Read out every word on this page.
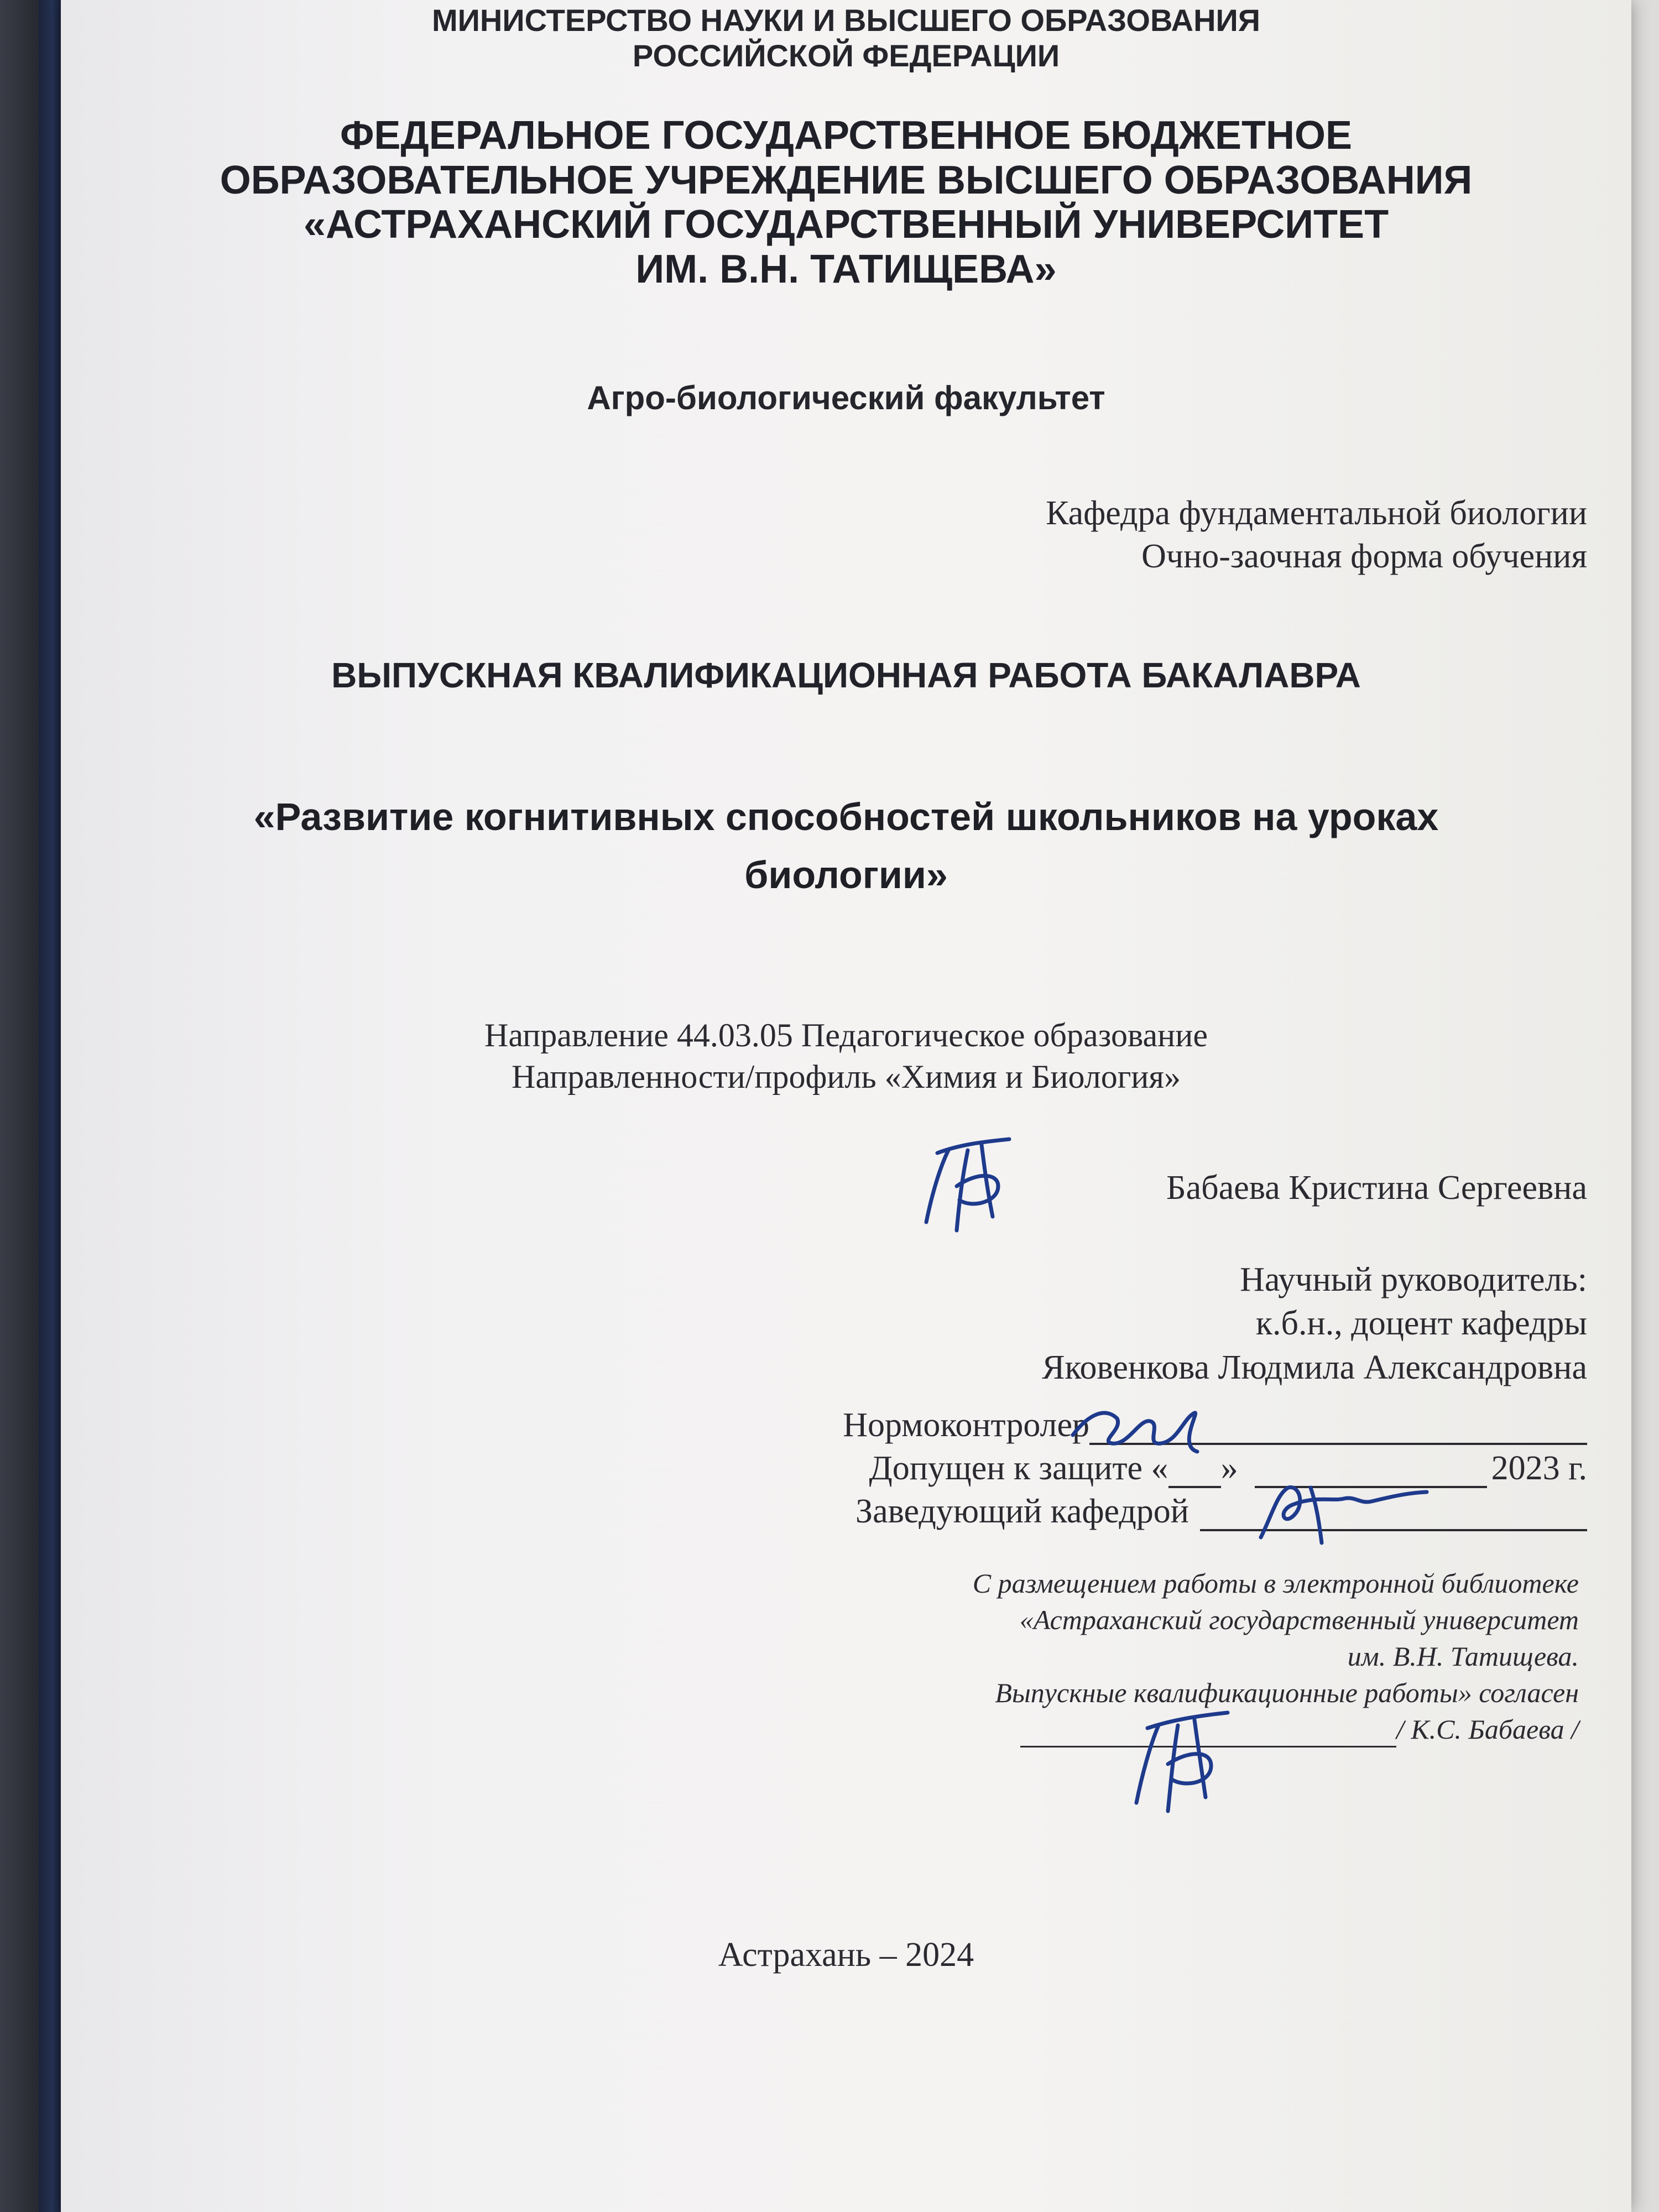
МИНИСТЕРСТВО НАУКИ И ВЫСШЕГО ОБРАЗОВАНИЯ
РОССИЙСКОЙ ФЕДЕРАЦИИ
ФЕДЕРАЛЬНОЕ ГОСУДАРСТВЕННОЕ БЮДЖЕТНОЕ
ОБРАЗОВАТЕЛЬНОЕ УЧРЕЖДЕНИЕ ВЫСШЕГО ОБРАЗОВАНИЯ
«АСТРАХАНСКИЙ ГОСУДАРСТВЕННЫЙ УНИВЕРСИТЕТ
ИМ. В.Н. ТАТИЩЕВА»
Агро-биологический факультет
Кафедра фундаментальной биологии
Очно-заочная форма обучения
ВЫПУСКНАЯ КВАЛИФИКАЦИОННАЯ РАБОТА БАКАЛАВРА
«Развитие когнитивных способностей школьников на уроках
биологии»
Направление 44.03.05 Педагогическое образование
Направленности/профиль «Химия и Биология»
Бабаева Кристина Сергеевна
Научный руководитель:
к.б.н., доцент кафедры
Яковенкова Людмила Александровна
Нормоконтролер
Допущен к защите « »	2023 г.
Заведующий кафедрой
С размещением работы в электронной библиотеке
«Астраханский государственный университет
им. В.Н. Татищева.
Выпускные квалификационные работы» согласен
/ К.С. Бабаева /
Астрахань – 2024
